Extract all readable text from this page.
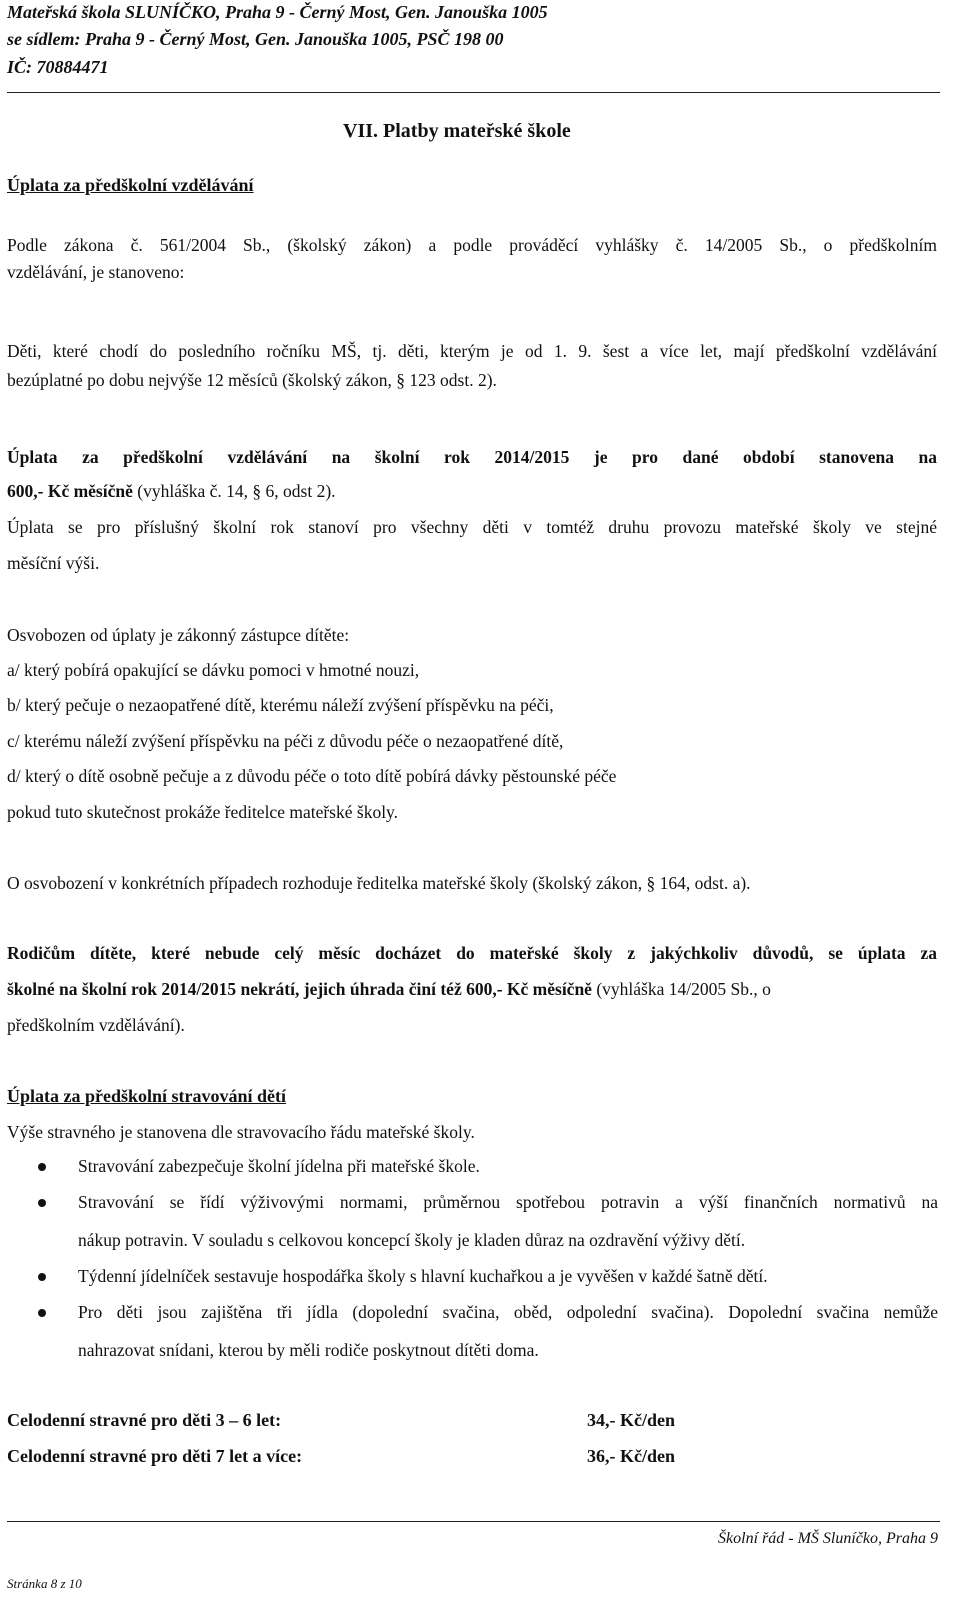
Mateřská škola SLUNÍČKO, Praha 9 - Černý Most, Gen. Janouška 1005
se sídlem: Praha 9 - Černý Most, Gen. Janouška 1005, PSČ 198 00
IČ: 70884471
VII. Platby mateřské škole
Úplata za předškolní vzdělávání
Podle zákona č. 561/2004 Sb., (školský zákon) a podle prováděcí vyhlášky č. 14/2005 Sb., o předškolním
vzdělávání, je stanoveno:
Děti, které chodí do posledního ročníku MŠ, tj. děti, kterým je od 1. 9. šest a více let, mají předškolní vzdělávání
bezúplatné po dobu nejvýše 12 měsíců (školský zákon, § 123 odst. 2).
Úplata za předškolní vzdělávání na školní rok 2014/2015 je pro dané období stanovena na
600,- Kč měsíčně (vyhláška č. 14, § 6, odst 2).
Úplata se pro příslušný školní rok stanoví pro všechny děti v tomtéž druhu provozu mateřské školy ve stejné
měsíční výši.
Osvobozen od úplaty je zákonný zástupce dítěte:
a/ který pobírá opakující se dávku pomoci v hmotné nouzi,
b/ který pečuje o nezaopatřené dítě, kterému náleží zvýšení příspěvku na péči,
c/ kterému náleží zvýšení příspěvku na péči z důvodu péče o nezaopatřené dítě,
d/ který o dítě osobně pečuje a z důvodu péče o toto dítě pobírá dávky pěstounské péče
pokud tuto skutečnost prokáže ředitelce mateřské školy.
O osvobození v konkrétních případech rozhoduje ředitelka mateřské školy (školský zákon, § 164, odst. a).
Rodičům dítěte, které nebude celý měsíc docházet do mateřské školy z jakýchkoliv důvodů, se úplata za
školné na školní rok 2014/2015 nekrátí, jejich úhrada činí též 600,- Kč měsíčně (vyhláška 14/2005 Sb., o
předškolním vzdělávání).
Úplata za předškolní stravování dětí
Výše stravného je stanovena dle stravovacího řádu mateřské školy.
Stravování zabezpečuje školní jídelna při mateřské škole.
Stravování se řídí výživovými normami, průměrnou spotřebou potravin a výší finančních normativů na
nákup potravin. V souladu s celkovou koncepcí školy je kladen důraz na ozdravění výživy dětí.
Týdenní jídelníček sestavuje hospodářka školy s hlavní kuchařkou a je vyvěšen v každé šatně dětí.
Pro děti jsou zajištěna tři jídla (dopolední svačina, oběd, odpolední svačina). Dopolední svačina nemůže
nahrazovat snídani, kterou by měli rodiče poskytnout dítěti doma.
Celodenní stravné pro děti 3 – 6 let:	34,- Kč/den
Celodenní stravné pro děti 7 let a více:	36,- Kč/den
Školní řád - MŠ Sluníčko, Praha 9
Stránka 8 z 10
